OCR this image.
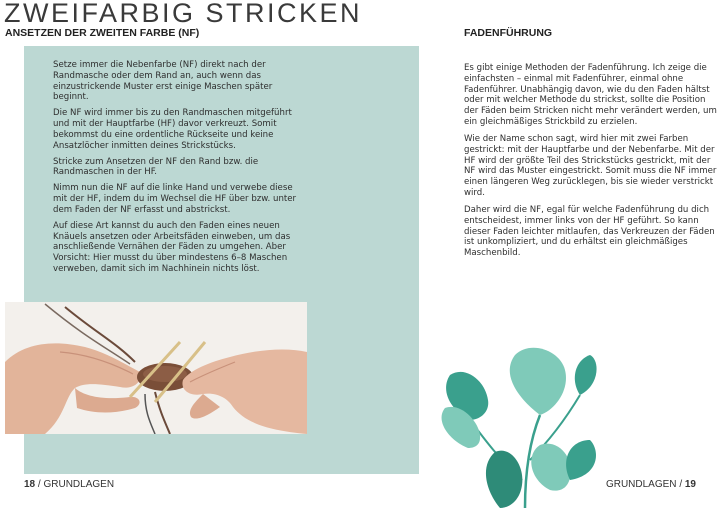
ZWEIFARBIG STRICKEN
ANSETZEN DER ZWEITEN FARBE (NF)	FADENFÜHRUNG

Setze immer die Nebenfarbe (NF) direkt nach der Randmasche oder dem Rand an, auch wenn das einzustrickende Muster erst einige Maschen später beginnt.

Die NF wird immer bis zu den Randmaschen mitgeführt und mit der Hauptfarbe (HF) davor verkreuzt. Somit bekommst du eine ordentliche Rückseite und keine Ansatzlöcher inmitten deines Strickstücks.

Stricke zum Ansetzen der NF den Rand bzw. die Randmaschen in der HF.

Nimm nun die NF auf die linke Hand und verwebe diese mit der HF, indem du im Wechsel die HF über bzw. unter dem Faden der NF erfasst und abstrickst.

Auf diese Art kannst du auch den Faden eines neuen Knäuels ansetzen oder Arbeitsfäden einweben, um das anschließende Vernähen der Fäden zu umgehen. Aber Vorsicht: Hier musst du über mindestens 6–8 Maschen verweben, damit sich im Nachhinein nichts löst.

Es gibt einige Methoden der Fadenführung. Ich zeige die einfachsten – einmal mit Fadenführer, einmal ohne Fadenführer. Unabhängig davon, wie du den Faden hältst oder mit welcher Methode du strickst, sollte die Position der Fäden beim Stricken nicht mehr verändert werden, um ein gleichmäßiges Strickbild zu erzielen.

Wie der Name schon sagt, wird hier mit zwei Farben gestrickt: mit der Hauptfarbe und der Nebenfarbe. Mit der HF wird der größte Teil des Strickstücks gestrickt, mit der NF wird das Muster eingestrickt. Somit muss die NF immer einen längeren Weg zurücklegen, bis sie wieder verstrickt wird.

Daher wird die NF, egal für welche Fadenführung du dich entscheidest, immer links von der HF geführt. So kann dieser Faden leichter mitlaufen, das Verkreuzen der Fäden ist unkompliziert, und du erhältst ein gleichmäßiges Maschenbild.

18 / GRUNDLAGEN	GRUNDLAGEN / 19
